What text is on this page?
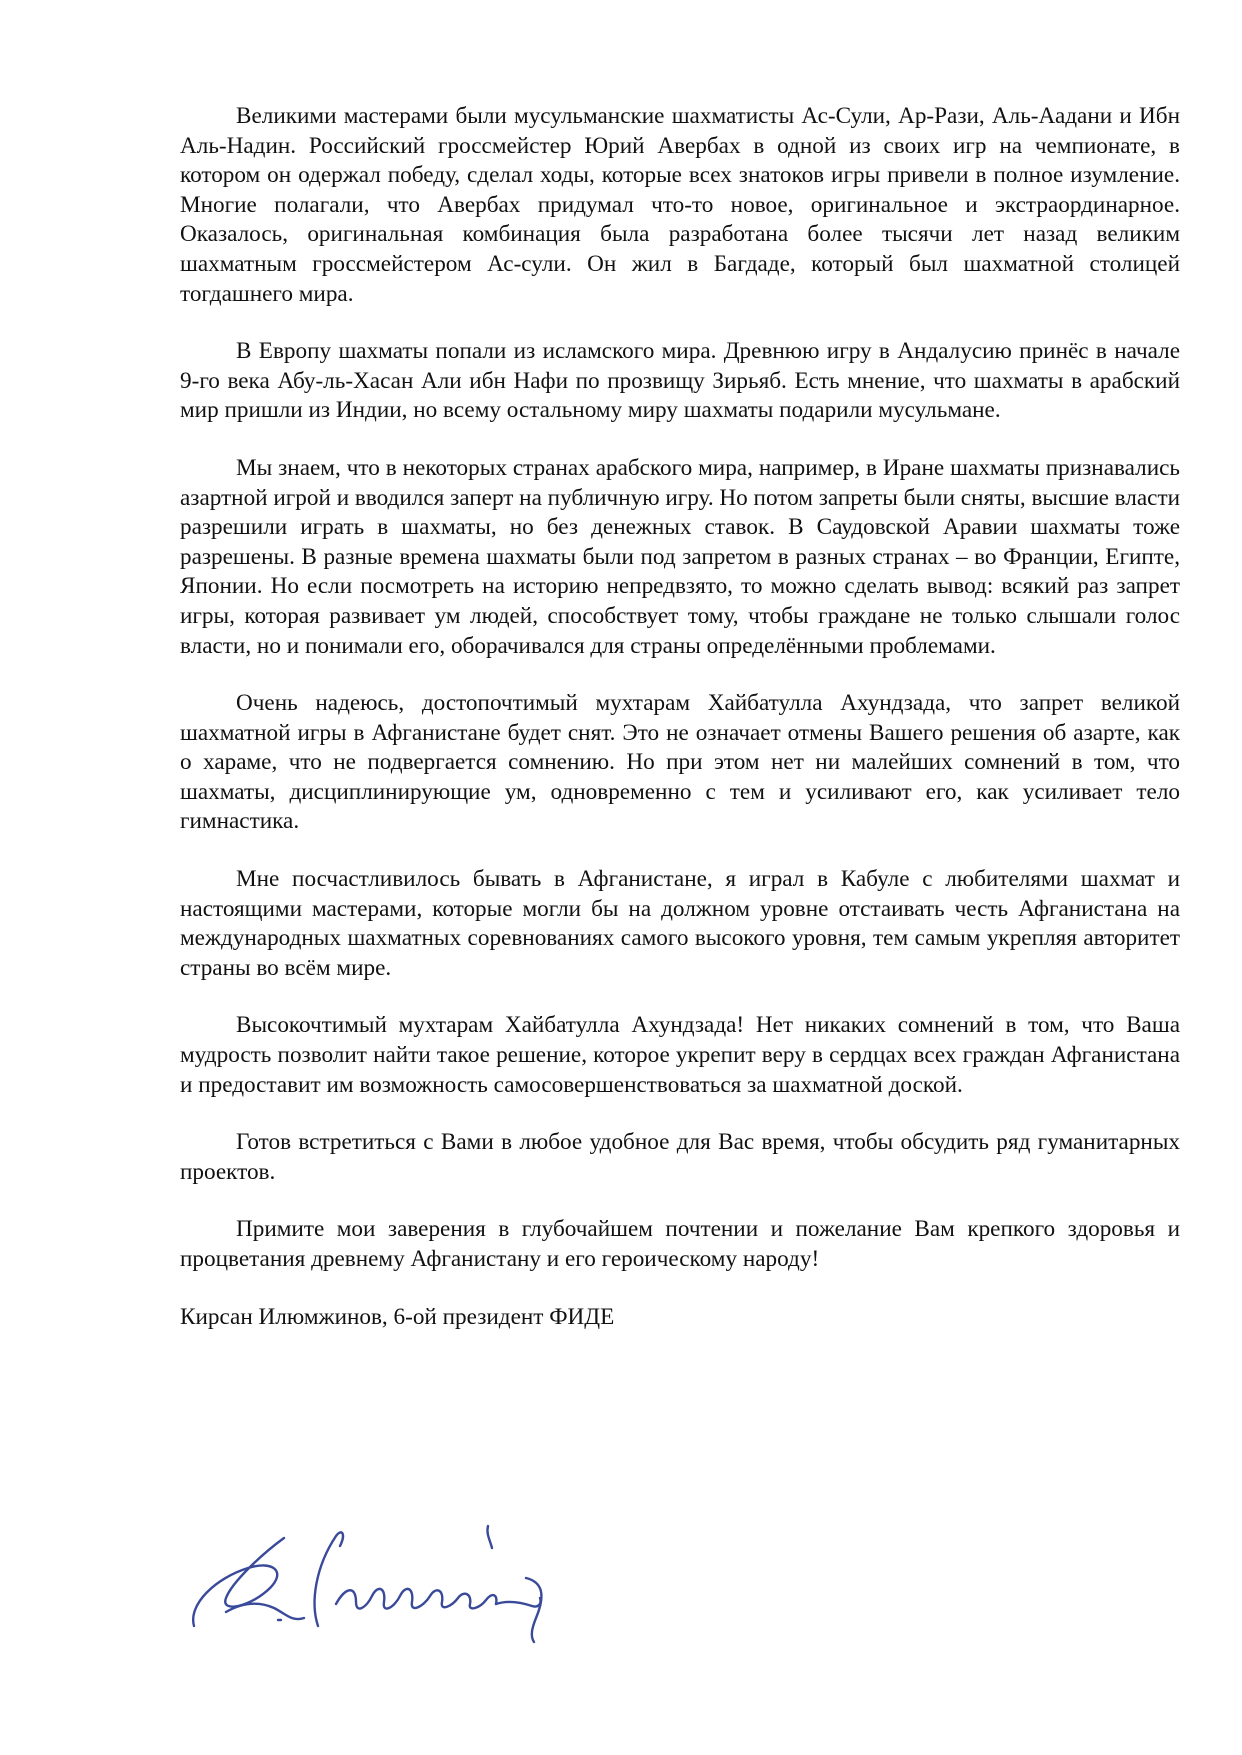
Великими мастерами были мусульманские шахматисты Ас-Сули, Ар-Рази, Аль-Аадани и Ибн Аль-Надин. Российский гроссмейстер Юрий Авербах в одной из своих игр на чемпионате, в котором он одержал победу, сделал ходы, которые всех знатоков игры привели в полное изумление. Многие полагали, что Авербах придумал что-то новое, оригинальное и экстраординарное. Оказалось, оригинальная комбинация была разработана более тысячи лет назад великим шахматным гроссмейстером Ас-сули. Он жил в Багдаде, который был шахматной столицей тогдашнего мира.

В Европу шахматы попали из исламского мира. Древнюю игру в Андалусию принёс в начале 9-го века Абу-ль-Хасан Али ибн Нафи по прозвищу Зирьяб. Есть мнение, что шахматы в арабский мир пришли из Индии, но всему остальному миру шахматы подарили мусульмане.

Мы знаем, что в некоторых странах арабского мира, например, в Иране шахматы признавались азартной игрой и вводился заперт на публичную игру. Но потом запреты были сняты, высшие власти разрешили играть в шахматы, но без денежных ставок. В Саудовской Аравии шахматы тоже разрешены. В разные времена шахматы были под запретом в разных странах – во Франции, Египте, Японии. Но если посмотреть на историю непредвзято, то можно сделать вывод: всякий раз запрет игры, которая развивает ум людей, способствует тому, чтобы граждане не только слышали голос власти, но и понимали его, оборачивался для страны определёнными проблемами.

Очень надеюсь, достопочтимый мухтарам Хайбатулла Ахундзада, что запрет великой шахматной игры в Афганистане будет снят. Это не означает отмены Вашего решения об азарте, как о хараме, что не подвергается сомнению. Но при этом нет ни малейших сомнений в том, что шахматы, дисциплинирующие ум, одновременно с тем и усиливают его, как усиливает тело гимнастика.

Мне посчастливилось бывать в Афганистане, я играл в Кабуле с любителями шахмат и настоящими мастерами, которые могли бы на должном уровне отстаивать честь Афганистана на международных шахматных соревнованиях самого высокого уровня, тем самым укрепляя авторитет страны во всём мире.

Высокочтимый мухтарам Хайбатулла Ахундзада! Нет никаких сомнений в том, что Ваша мудрость позволит найти такое решение, которое укрепит веру в сердцах всех граждан Афганистана и предоставит им возможность самосовершенствоваться за шахматной доской.

Готов встретиться с Вами в любое удобное для Вас время, чтобы обсудить ряд гуманитарных проектов.

Примите мои заверения в глубочайшем почтении и пожелание Вам крепкого здоровья и процветания древнему Афганистану и его героическому народу!

Кирсан Илюмжинов, 6-ой президент ФИДЕ
